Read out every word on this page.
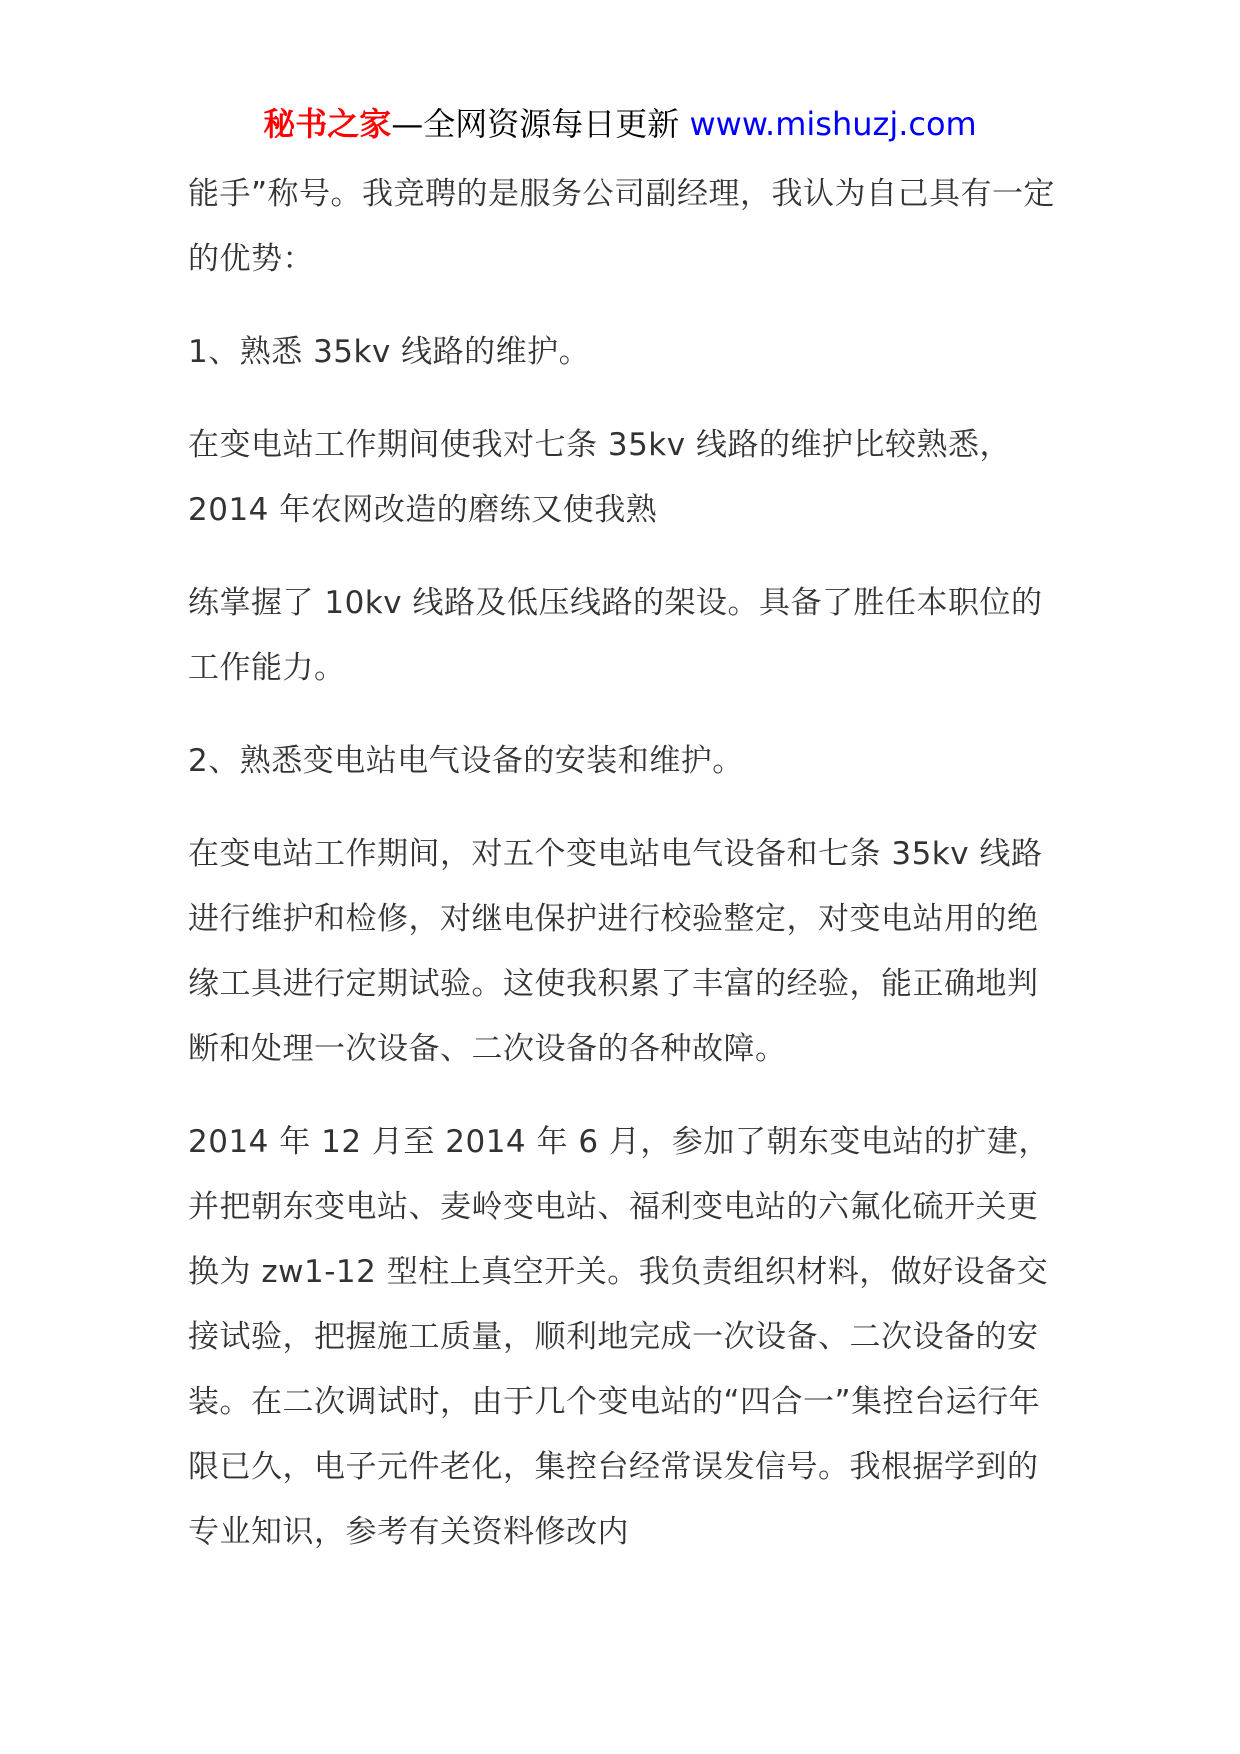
秘书之家—全网资源每日更新 www.mishuzj.com

能手”称号。我竞聘的是服务公司副经理，我认为自己具有一定的优势：

1、熟悉 35kv 线路的维护。

在变电站工作期间使我对七条 35kv 线路的维护比较熟悉，2014 年农网改造的磨练又使我熟

练掌握了 10kv 线路及低压线路的架设。具备了胜任本职位的工作能力。

2、熟悉变电站电气设备的安装和维护。

在变电站工作期间，对五个变电站电气设备和七条 35kv 线路进行维护和检修，对继电保护进行校验整定，对变电站用的绝缘工具进行定期试验。这使我积累了丰富的经验，能正确地判断和处理一次设备、二次设备的各种故障。

2014 年 12 月至 2014 年 6 月，参加了朝东变电站的扩建，并把朝东变电站、麦岭变电站、福利变电站的六氟化硫开关更换为 zw1-12 型柱上真空开关。我负责组织材料，做好设备交接试验，把握施工质量，顺利地完成一次设备、二次设备的安装。在二次调试时，由于几个变电站的“四合一”集控台运行年限已久，电子元件老化，集控台经常误发信号。我根据学到的专业知识，参考有关资料修改内
